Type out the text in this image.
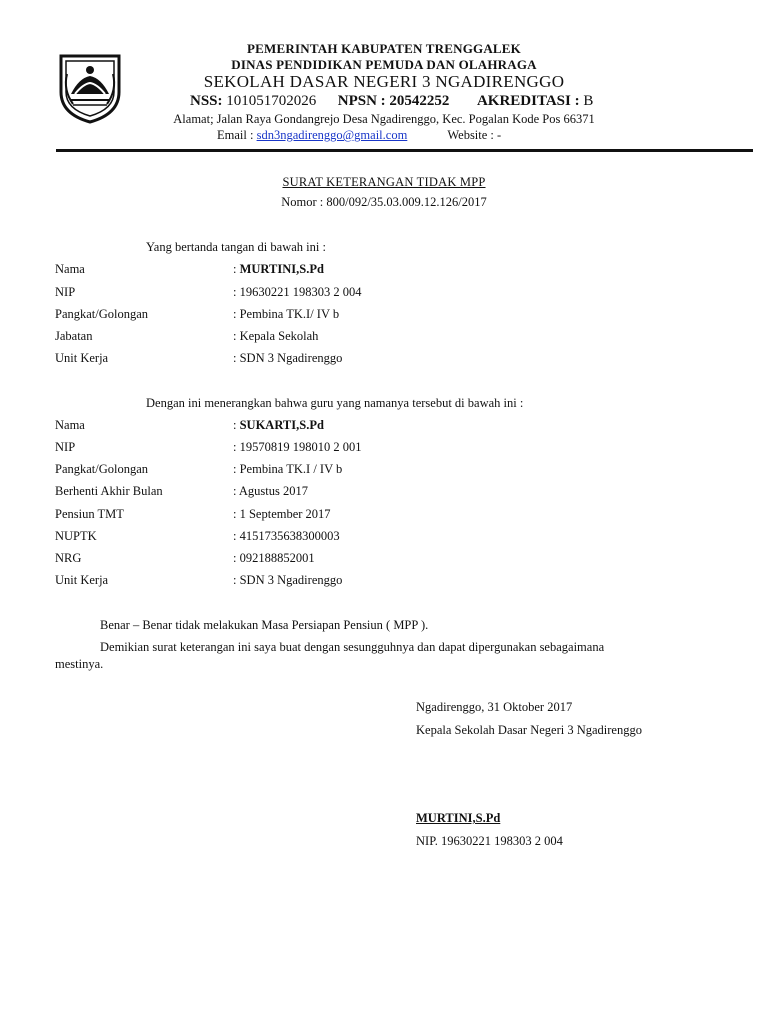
PEMERINTAH KABUPATEN TRENGGALEK
DINAS PENDIDIKAN PEMUDA DAN OLAHRAGA
SEKOLAH DASAR NEGERI 3 NGADIRENGGO
NSS: 101051702026 NPSN : 20542252 AKREDITASI : B
Alamat; Jalan Raya Gondangrejo Desa Ngadirenggo, Kec. Pogalan Kode Pos 66371
Email : sdn3ngadirenggo@gmail.com	Website : -
SURAT KETERANGAN TIDAK MPP
Nomor : 800/092/35.03.009.12.126/2017
Yang bertanda tangan di bawah ini :
Nama	: MURTINI,S.Pd
NIP	: 19630221 198303 2 004
Pangkat/Golongan	: Pembina TK.I/ IV b
Jabatan	: Kepala Sekolah
Unit Kerja	: SDN 3 Ngadirenggo
Dengan ini menerangkan bahwa guru yang namanya tersebut di bawah ini :
Nama	: SUKARTI,S.Pd
NIP	: 19570819 198010 2 001
Pangkat/Golongan	: Pembina TK.I / IV b
Berhenti Akhir Bulan	: Agustus 2017
Pensiun TMT	: 1 September 2017
NUPTK	: 4151735638300003
NRG	: 092188852001
Unit Kerja	: SDN 3 Ngadirenggo
Benar – Benar tidak melakukan Masa Persiapan Pensiun ( MPP ).
Demikian surat keterangan ini saya buat dengan sesungguhnya dan dapat dipergunakan sebagaimana
mestinya.
Ngadirenggo, 31 Oktober 2017
Kepala Sekolah Dasar Negeri 3 Ngadirenggo
MURTINI,S.Pd
NIP. 19630221 198303 2 004
